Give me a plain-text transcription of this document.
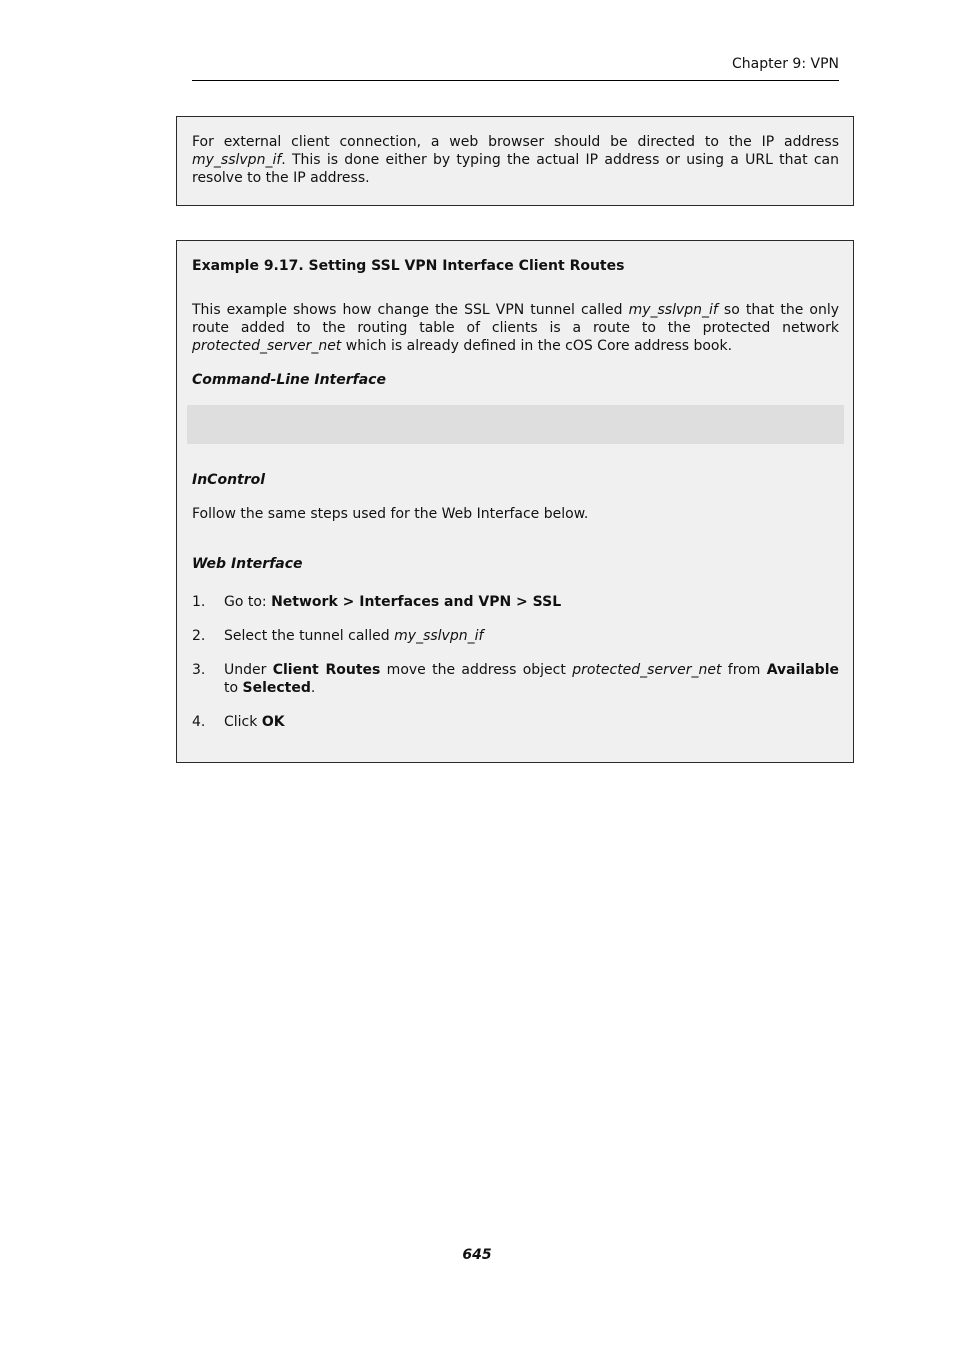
Chapter 9: VPN

For external client connection, a web browser should be directed to the IP address my_sslvpn_if. This is done either by typing the actual IP address or using a URL that can resolve to the IP address.

Example 9.17. Setting SSL VPN Interface Client Routes

This example shows how change the SSL VPN tunnel called my_sslvpn_if so that the only route added to the routing table of clients is a route to the protected network protected_server_net which is already defined in the cOS Core address book.

Command-Line Interface
InControl

Follow the same steps used for the Web Interface below.

Web Interface
1. Go to: Network > Interfaces and VPN > SSL
2. Select the tunnel called my_sslvpn_if
3. Under Client Routes move the address object protected_server_net from Available to Selected.
4. Click OK
645
